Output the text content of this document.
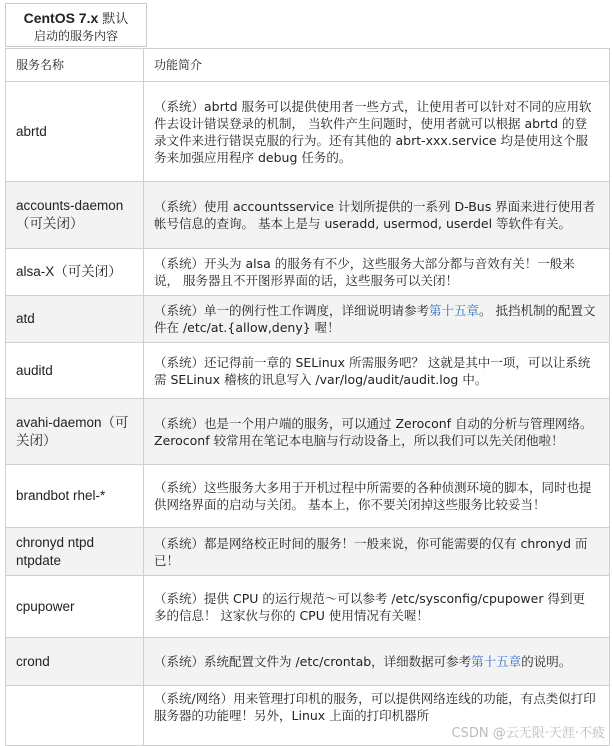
CentOS 7.x 默认
启动的服务内容
服务名称	功能简介
abrtd	（系统）abrtd 服务可以提供使用者一些方式，让使用者可以针对不同的应用软件去设计错误登录的机制， 当软件产生问题时，使用者就可以根据 abrtd 的登录文件来进行错误克服的行为。还有其他的 abrt-xxx.service 均是使用这个服务来加强应用程序 debug 任务的。
accounts-daemon（可关闭）	（系统）使用 accountsservice 计划所提供的一系列 D-Bus 界面来进行使用者帐号信息的查询。 基本上是与 useradd, usermod, userdel 等软件有关。
alsa-X（可关闭）	（系统）开头为 alsa 的服务有不少，这些服务大部分都与音效有关！一般来说， 服务器且不开图形界面的话，这些服务可以关闭！
atd	（系统）单一的例行性工作调度，详细说明请参考第十五章。 抵挡机制的配置文件在 /etc/at.{allow,deny} 喔！
auditd	（系统）还记得前一章的 SELinux 所需服务吧？ 这就是其中一项，可以让系统需 SELinux 稽核的讯息写入 /var/log/audit/audit.log 中。
avahi-daemon（可关闭）	（系统）也是一个用户端的服务，可以通过 Zeroconf 自动的分析与管理网络。 Zeroconf 较常用在笔记本电脑与行动设备上，所以我们可以先关闭他啦！
brandbot rhel-*	（系统）这些服务大多用于开机过程中所需要的各种侦测环境的脚本，同时也提供网络界面的启动与关闭。 基本上，你不要关闭掉这些服务比较妥当！
chronyd ntpd ntpdate	（系统）都是网络校正时间的服务！一般来说，你可能需要的仅有 chronyd 而已！
cpupower	（系统）提供 CPU 的运行规范～可以参考 /etc/sysconfig/cpupower 得到更多的信息！ 这家伙与你的 CPU 使用情况有关喔！
crond	（系统）系统配置文件为 /etc/crontab，详细数据可参考第十五章的说明。
	（系统/网络）用来管理打印机的服务，可以提供网络连线的功能，有点类似打印服务器的功能哩！另外，Linux 上面的打印机器所
CSDN @云无限·天涯·不疲
